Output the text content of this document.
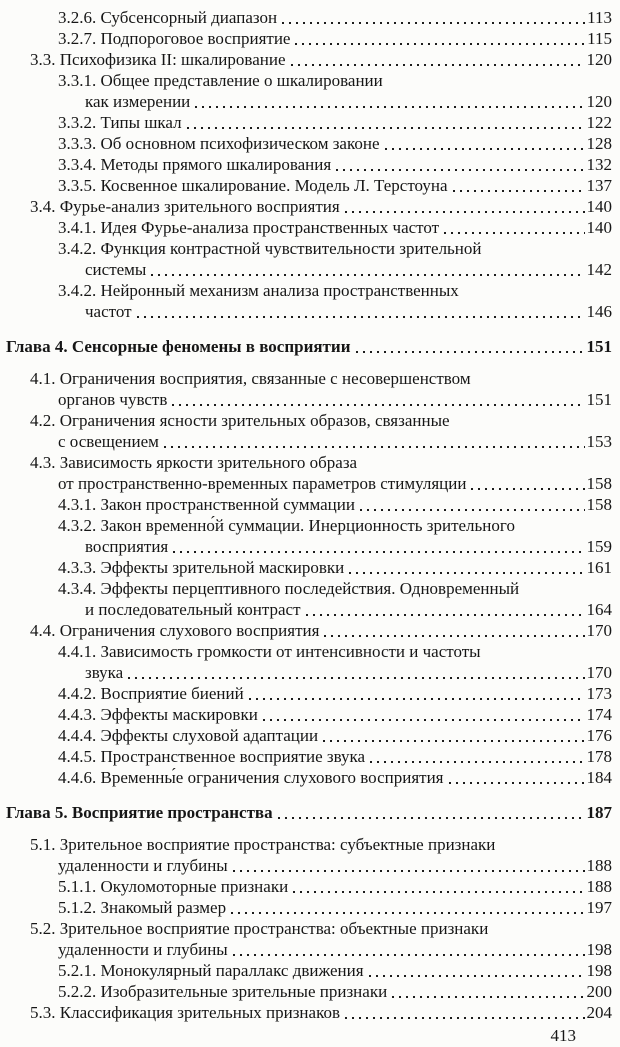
3.2.6. Субсенсорный диапазон	113
3.2.7. Подпороговое восприятие	115
3.3. Психофизика II: шкалирование	120
3.3.1. Общее представление о шкалировании
как измерении	120
3.3.2. Типы шкал	122
3.3.3. Об основном психофизическом законе	128
3.3.4. Методы прямого шкалирования	132
3.3.5. Косвенное шкалирование. Модель Л. Терстоуна	137
3.4. Фурье-анализ зрительного восприятия	140
3.4.1. Идея Фурье-анализа пространственных частот	140
3.4.2. Функция контрастной чувствительности зрительной
системы	142
3.4.2. Нейронный механизм анализа пространственных
частот	146
Глава 4. Сенсорные феномены в восприятии	151
4.1. Ограничения восприятия, связанные с несовершенством
органов чувств	151
4.2. Ограничения ясности зрительных образов, связанные
с освещением	153
4.3. Зависимость яркости зрительного образа
от пространственно-временных параметров стимуляции	158
4.3.1. Закон пространственной суммации	158
4.3.2. Закон временно́й суммации. Инерционность зрительного
восприятия	159
4.3.3. Эффекты зрительной маскировки	161
4.3.4. Эффекты перцептивного последействия. Одновременный
и последовательный контраст	164
4.4. Ограничения слухового восприятия	170
4.4.1. Зависимость громкости от интенсивности и частоты
звука	170
4.4.2. Восприятие биений	173
4.4.3. Эффекты маскировки	174
4.4.4. Эффекты слуховой адаптации	176
4.4.5. Пространственное восприятие звука	178
4.4.6. Временны́е ограничения слухового восприятия	184
Глава 5. Восприятие пространства	187
5.1. Зрительное восприятие пространства: субъектные признаки
удаленности и глубины	188
5.1.1. Окуломоторные признаки	188
5.1.2. Знакомый размер	197
5.2. Зрительное восприятие пространства: объектные признаки
удаленности и глубины	198
5.2.1. Монокулярный параллакс движения	198
5.2.2. Изобразительные зрительные признаки	200
5.3. Классификация зрительных признаков	204
413
